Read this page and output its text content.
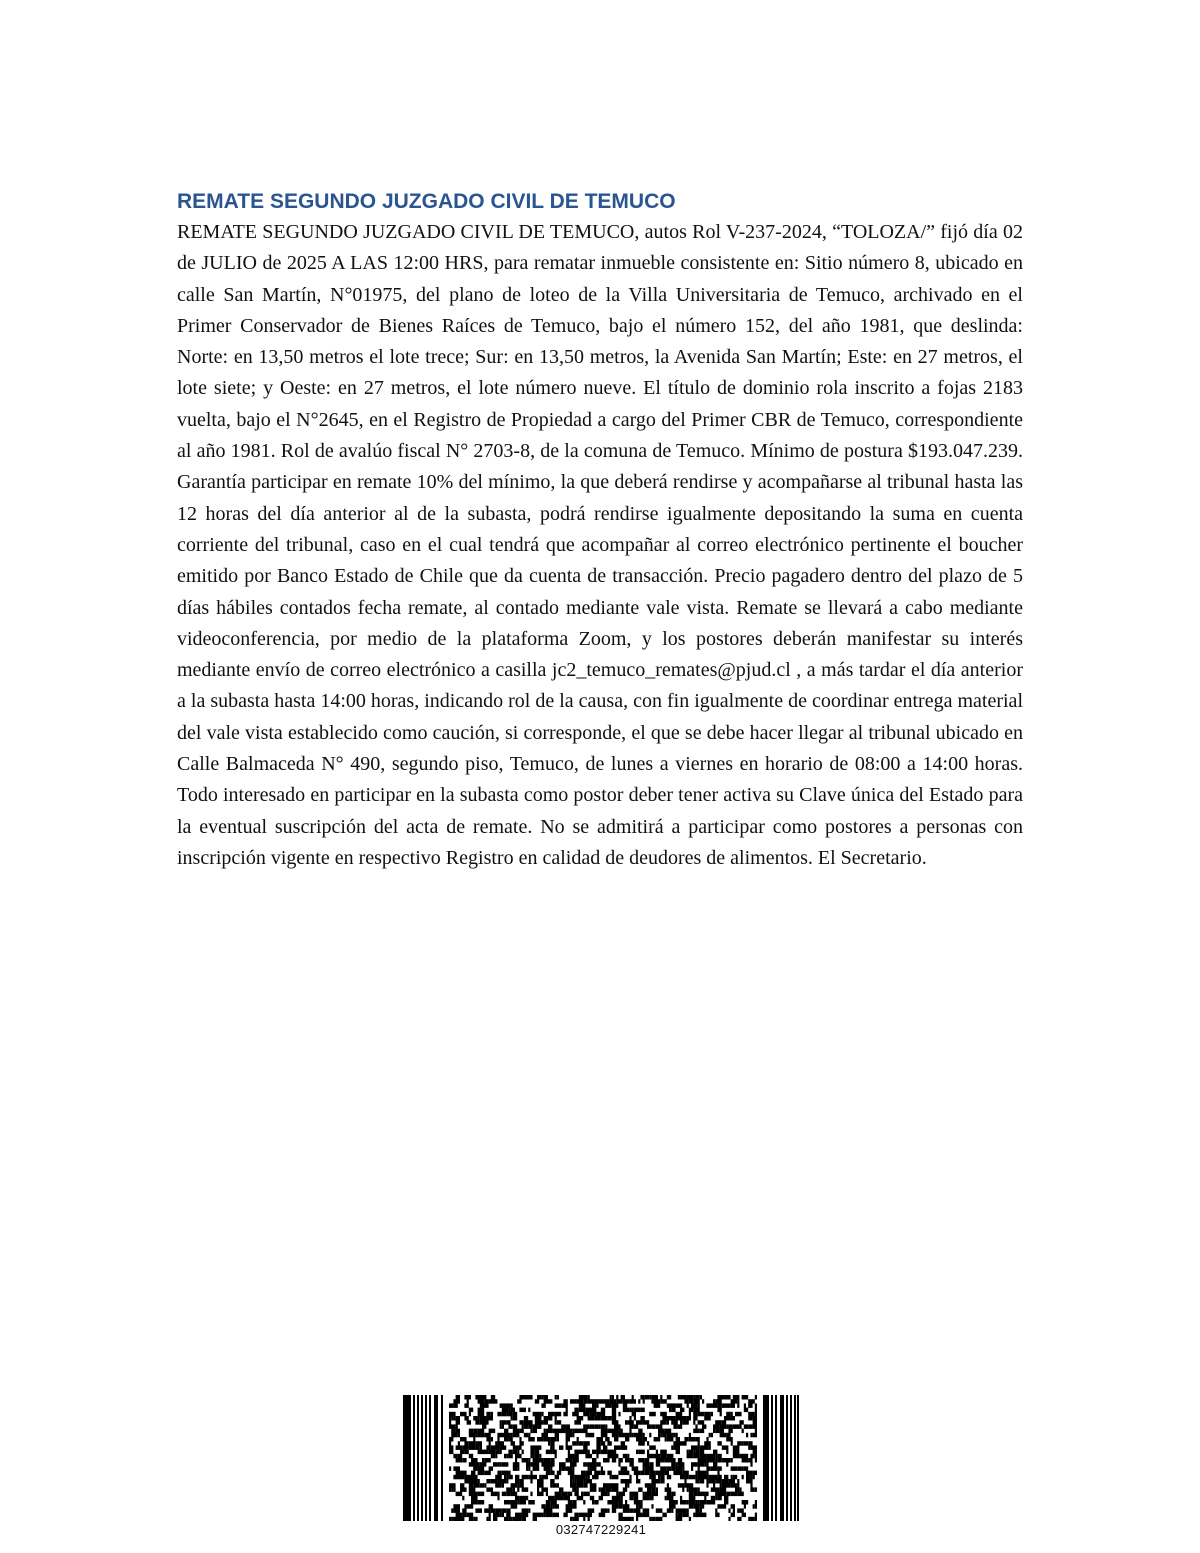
REMATE SEGUNDO JUZGADO CIVIL DE TEMUCO

REMATE SEGUNDO JUZGADO CIVIL DE TEMUCO, autos Rol V-237-2024, “TOLOZA/” fijó día 02 de JULIO de 2025 A LAS 12:00 HRS, para rematar inmueble consistente en: Sitio número 8, ubicado en calle San Martín, N°01975, del plano de loteo de la Villa Universitaria de Temuco, archivado en el Primer Conservador de Bienes Raíces de Temuco, bajo el número 152, del año 1981, que deslinda: Norte: en 13,50 metros el lote trece; Sur: en 13,50 metros, la Avenida San Martín; Este: en 27 metros, el lote siete; y Oeste: en 27 metros, el lote número nueve. El título de dominio rola inscrito a fojas 2183 vuelta, bajo el N°2645, en el Registro de Propiedad a cargo del Primer CBR de Temuco, correspondiente al año 1981. Rol de avalúo fiscal N° 2703-8, de la comuna de Temuco. Mínimo de postura $193.047.239. Garantía participar en remate 10% del mínimo, la que deberá rendirse y acompañarse al tribunal hasta las 12 horas del día anterior al de la subasta, podrá rendirse igualmente depositando la suma en cuenta corriente del tribunal, caso en el cual tendrá que acompañar al correo electrónico pertinente el boucher emitido por Banco Estado de Chile que da cuenta de transacción. Precio pagadero dentro del plazo de 5 días hábiles contados fecha remate, al contado mediante vale vista. Remate se llevará a cabo mediante videoconferencia, por medio de la plataforma Zoom, y los postores deberán manifestar su interés mediante envío de correo electrónico a casilla jc2_temuco_remates@pjud.cl , a más tardar el día anterior a la subasta hasta 14:00 horas, indicando rol de la causa, con fin igualmente de coordinar entrega material del vale vista establecido como caución, si corresponde, el que se debe hacer llegar al tribunal ubicado en Calle Balmaceda N° 490, segundo piso, Temuco, de lunes a viernes en horario de 08:00 a 14:00 horas. Todo interesado en participar en la subasta como postor deber tener activa su Clave única del Estado para la eventual suscripción del acta de remate. No se admitirá a participar como postores a personas con inscripción vigente en respectivo Registro en calidad de deudores de alimentos. El Secretario.

032747229241
